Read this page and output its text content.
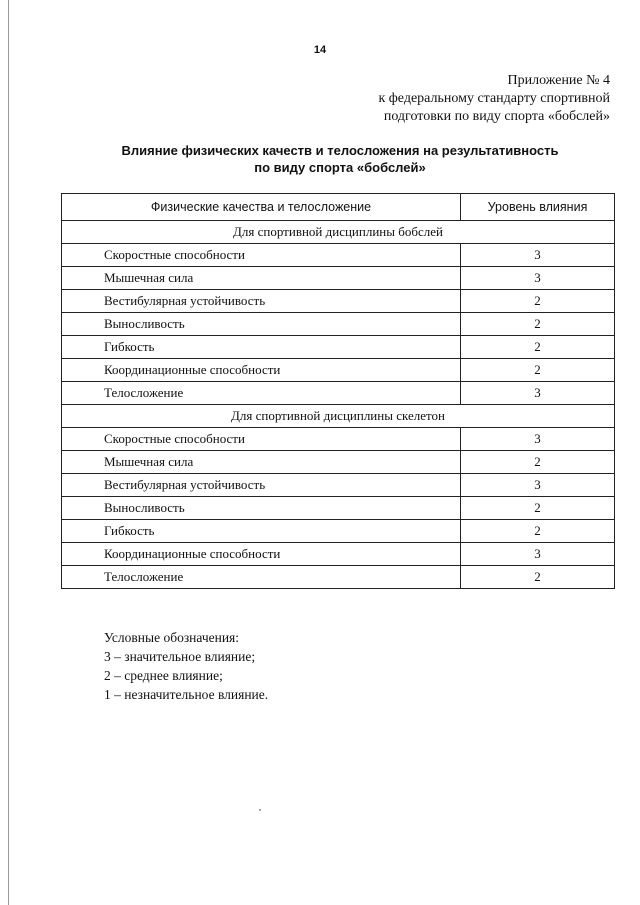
14
Приложение № 4
к федеральному стандарту спортивной
подготовки по виду спорта «бобслей»
Влияние физических качеств и телосложения на результативность
по виду спорта «бобслей»
Физические качества и телосложение	Уровень влияния
Для спортивной дисциплины бобслей	
Скоростные способности	3
Мышечная сила	3
Вестибулярная устойчивость	2
Выносливость	2
Гибкость	2
Координационные способности	2
Телосложение	3
Для спортивной дисциплины скелетон	
Скоростные способности	3
Мышечная сила	2
Вестибулярная устойчивость	3
Выносливость	2
Гибкость	2
Координационные способности	3
Телосложение	2
Условные обозначения:
3 – значительное влияние;
2 – среднее влияние;
1 – незначительное влияние.
